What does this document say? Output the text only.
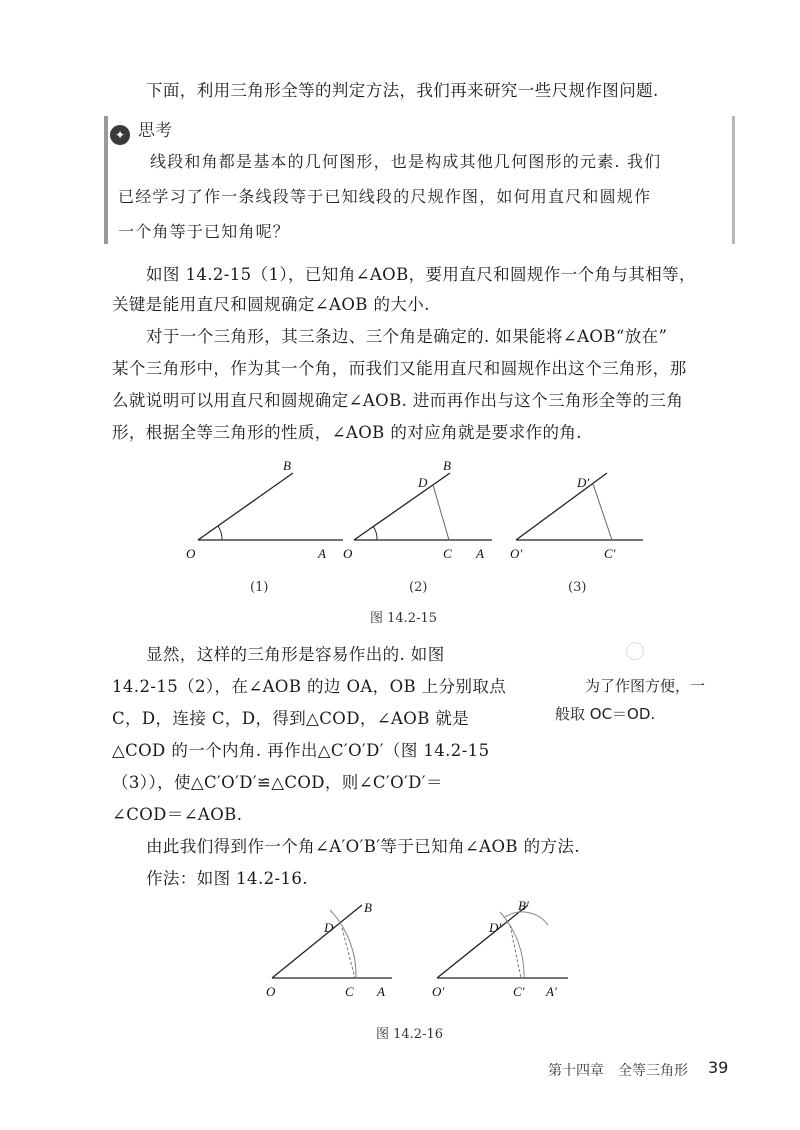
下面，利用三角形全等的判定方法，我们再来研究一些尺规作图问题.
✦ 思考
线段和角都是基本的几何图形，也是构成其他几何图形的元素. 我们
已经学习了作一条线段等于已知线段的尺规作图，如何用直尺和圆规作
一个角等于已知角呢？
如图 14.2-15（1），已知角∠AOB，要用直尺和圆规作一个角与其相等，
关键是能用直尺和圆规确定∠AOB 的大小.
对于一个三角形，其三条边、三个角是确定的. 如果能将∠AOB“放在”
某个三角形中，作为其一个角，而我们又能用直尺和圆规作出这个三角形，那
么就说明可以用直尺和圆规确定∠AOB. 进而再作出与这个三角形全等的三角
形，根据全等三角形的性质，∠AOB 的对应角就是要求作的角.
O	A
B
O	C A
B
D
O′	C′
D′
O	C A
B
D
O′	C′ A′
B′
D′
(1)	(2)	(3)
图 14.2-15
显然，这样的三角形是容易作出的. 如图
14.2-15（2），在∠AOB 的边 OA，OB 上分别取点
C，D，连接 C，D，得到△COD，∠AOB 就是
△COD 的一个内角. 再作出△C′O′D′（图 14.2-15
（3）），使△C′O′D′≌△COD，则∠C′O′D′＝
∠COD＝∠AOB.
为了作图方便，一
般取 OC＝OD.
由此我们得到作一个角∠A′O′B′等于已知角∠AOB 的方法.
作法：如图 14.2-16.
图 14.2-16
第十四章　全等三角形 39
